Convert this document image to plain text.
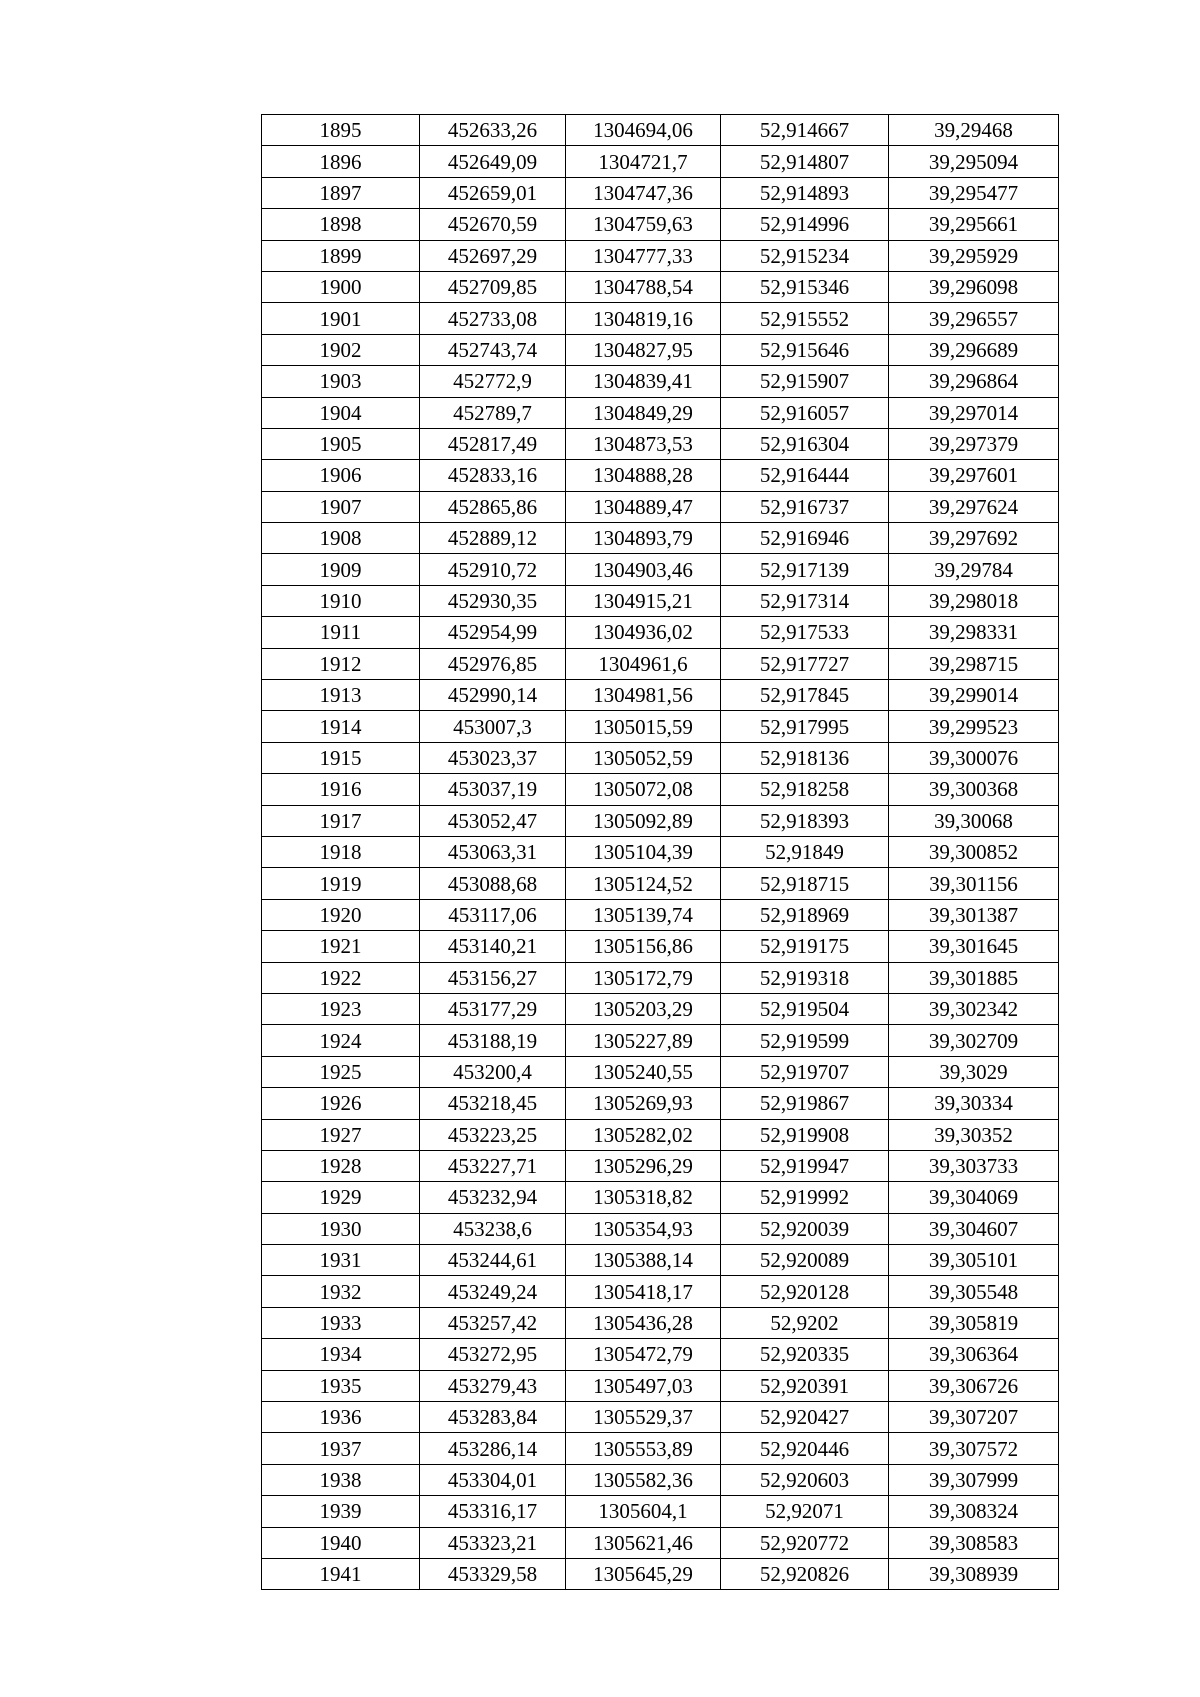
1895	452633,26	1304694,06	52,914667	39,29468
1896	452649,09	1304721,7	52,914807	39,295094
1897	452659,01	1304747,36	52,914893	39,295477
1898	452670,59	1304759,63	52,914996	39,295661
1899	452697,29	1304777,33	52,915234	39,295929
1900	452709,85	1304788,54	52,915346	39,296098
1901	452733,08	1304819,16	52,915552	39,296557
1902	452743,74	1304827,95	52,915646	39,296689
1903	452772,9	1304839,41	52,915907	39,296864
1904	452789,7	1304849,29	52,916057	39,297014
1905	452817,49	1304873,53	52,916304	39,297379
1906	452833,16	1304888,28	52,916444	39,297601
1907	452865,86	1304889,47	52,916737	39,297624
1908	452889,12	1304893,79	52,916946	39,297692
1909	452910,72	1304903,46	52,917139	39,29784
1910	452930,35	1304915,21	52,917314	39,298018
1911	452954,99	1304936,02	52,917533	39,298331
1912	452976,85	1304961,6	52,917727	39,298715
1913	452990,14	1304981,56	52,917845	39,299014
1914	453007,3	1305015,59	52,917995	39,299523
1915	453023,37	1305052,59	52,918136	39,300076
1916	453037,19	1305072,08	52,918258	39,300368
1917	453052,47	1305092,89	52,918393	39,30068
1918	453063,31	1305104,39	52,91849	39,300852
1919	453088,68	1305124,52	52,918715	39,301156
1920	453117,06	1305139,74	52,918969	39,301387
1921	453140,21	1305156,86	52,919175	39,301645
1922	453156,27	1305172,79	52,919318	39,301885
1923	453177,29	1305203,29	52,919504	39,302342
1924	453188,19	1305227,89	52,919599	39,302709
1925	453200,4	1305240,55	52,919707	39,3029
1926	453218,45	1305269,93	52,919867	39,30334
1927	453223,25	1305282,02	52,919908	39,30352
1928	453227,71	1305296,29	52,919947	39,303733
1929	453232,94	1305318,82	52,919992	39,304069
1930	453238,6	1305354,93	52,920039	39,304607
1931	453244,61	1305388,14	52,920089	39,305101
1932	453249,24	1305418,17	52,920128	39,305548
1933	453257,42	1305436,28	52,9202	39,305819
1934	453272,95	1305472,79	52,920335	39,306364
1935	453279,43	1305497,03	52,920391	39,306726
1936	453283,84	1305529,37	52,920427	39,307207
1937	453286,14	1305553,89	52,920446	39,307572
1938	453304,01	1305582,36	52,920603	39,307999
1939	453316,17	1305604,1	52,92071	39,308324
1940	453323,21	1305621,46	52,920772	39,308583
1941	453329,58	1305645,29	52,920826	39,308939
